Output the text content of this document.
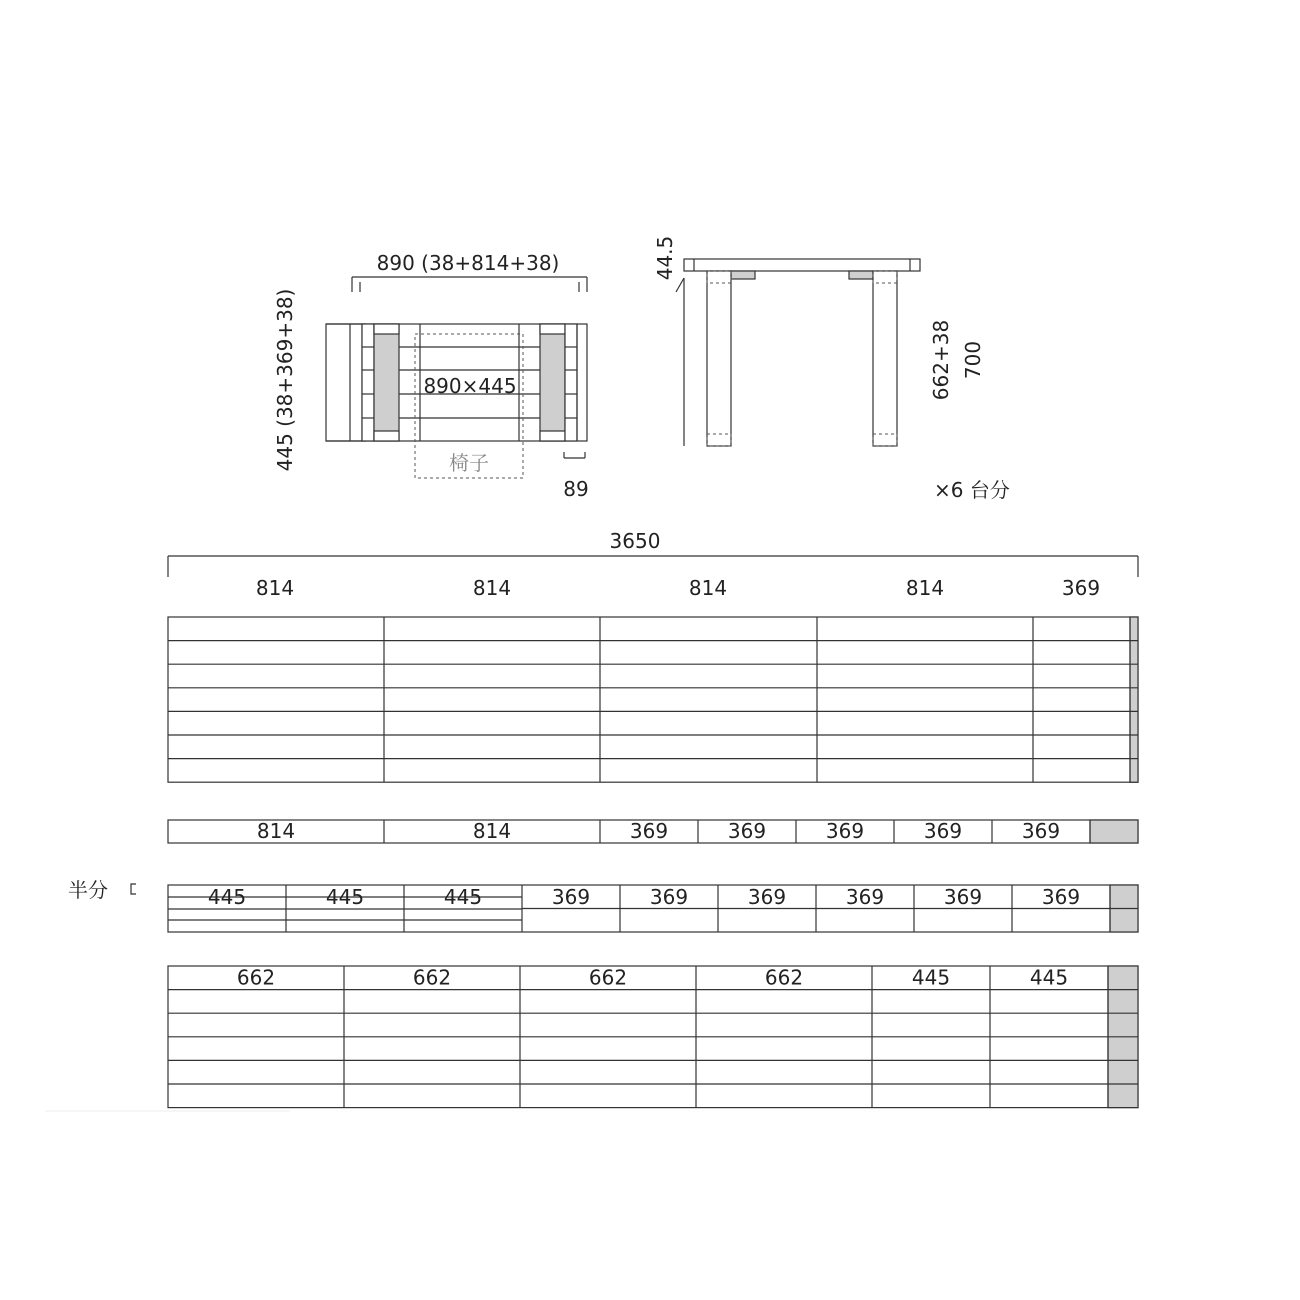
890 (38+814+38)
445 (38+369+38)	890×445
椅子
89
44.5
662+38 700
×6 台分
3650
814	814	814	814	369
814	814	369	369	369	369	369
半分	445	445	445	369	369	369	369	369	369
662	662	662	662	445	445
